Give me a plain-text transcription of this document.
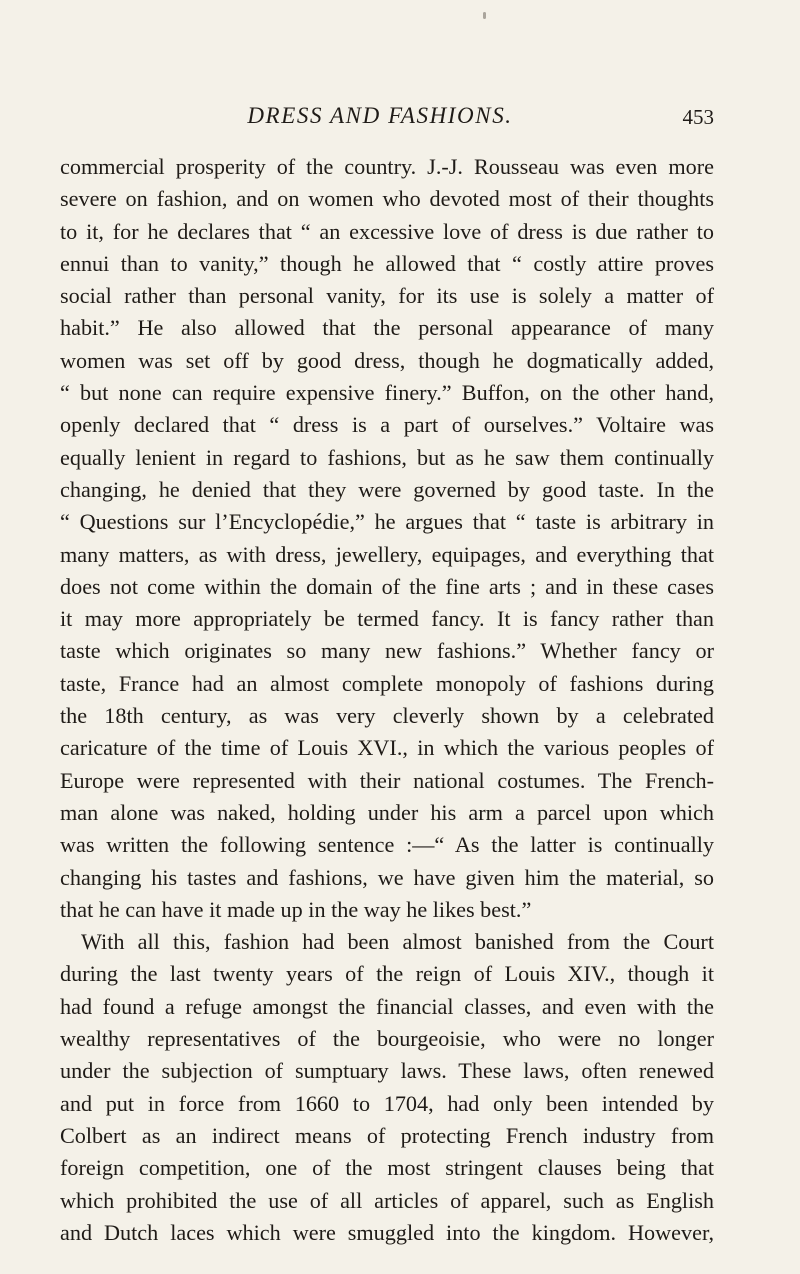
DRESS AND FASHIONS.	453
commercial prosperity of the country. J.-J. Rousseau was even more
severe on fashion, and on women who devoted most of their thoughts
to it, for he declares that “ an excessive love of dress is due rather to
ennui than to vanity,” though he allowed that “ costly attire proves
social rather than personal vanity, for its use is solely a matter of
habit.” He also allowed that the personal appearance of many
women was set off by good dress, though he dogmatically added,
“ but none can require expensive finery.” Buffon, on the other hand,
openly declared that “ dress is a part of ourselves.” Voltaire was
equally lenient in regard to fashions, but as he saw them continually
changing, he denied that they were governed by good taste. In the
“ Questions sur l’Encyclopédie,” he argues that “ taste is arbitrary in
many matters, as with dress, jewellery, equipages, and everything that
does not come within the domain of the fine arts ; and in these cases
it may more appropriately be termed fancy. It is fancy rather than
taste which originates so many new fashions.” Whether fancy or
taste, France had an almost complete monopoly of fashions during
the 18th century, as was very cleverly shown by a celebrated
caricature of the time of Louis XVI., in which the various peoples of
Europe were represented with their national costumes. The French-
man alone was naked, holding under his arm a parcel upon which
was written the following sentence :—“ As the latter is continually
changing his tastes and fashions, we have given him the material, so
that he can have it made up in the way he likes best.”
With all this, fashion had been almost banished from the Court
during the last twenty years of the reign of Louis XIV., though it
had found a refuge amongst the financial classes, and even with the
wealthy representatives of the bourgeoisie, who were no longer
under the subjection of sumptuary laws. These laws, often renewed
and put in force from 1660 to 1704, had only been intended by
Colbert as an indirect means of protecting French industry from
foreign competition, one of the most stringent clauses being that
which prohibited the use of all articles of apparel, such as English
and Dutch laces which were smuggled into the kingdom. However,
